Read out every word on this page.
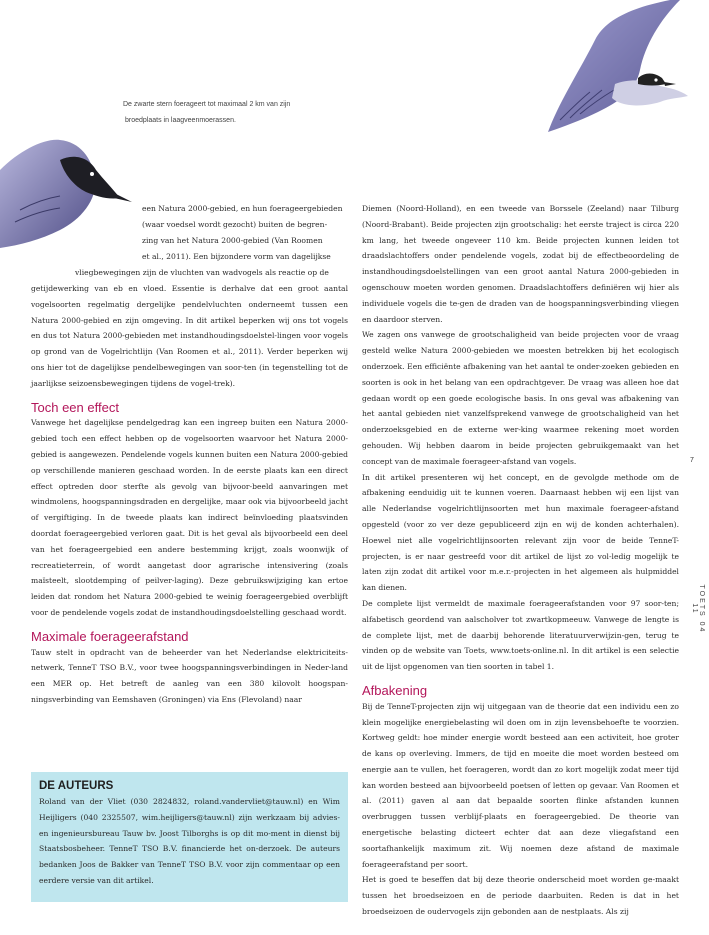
De zwarte stern foerageert tot maximaal 2 km van zijn
broedplaats in laagveenmoerassen.
een Natura 2000-gebied, en hun foerageergebieden
(waar voedsel wordt gezocht) buiten de begren-
zing van het Natura 2000-gebied (Van Roomen
et al., 2011). Een bijzondere vorm van dagelijkse
vliegbewegingen zijn de vluchten van wadvogels als reactie op de

getijdewerking van eb en vloed. Essentie is derhalve dat een groot aantal vogelsoorten regelmatig dergelijke pendelvluchten onderneemt tussen een Natura 2000-gebied en zijn omgeving. In dit artikel beperken wij ons tot vogels en dus tot Natura 2000-gebieden met instandhoudingsdoelstel-lingen voor vogels op grond van de Vogelrichtlijn (Van Roomen et al., 2011). Verder beperken wij ons hier tot de dagelijkse pendelbewegingen van soor-ten (in tegenstelling tot de jaarlijkse seizoensbewegingen tijdens de vogel-trek).

Toch een effect

Vanwege het dagelijkse pendelgedrag kan een ingreep buiten een Natura 2000-gebied toch een effect hebben op de vogelsoorten waarvoor het Natura 2000-gebied is aangewezen. Pendelende vogels kunnen buiten een Natura 2000-gebied op verschillende manieren geschaad worden. In de eerste plaats kan een direct effect optreden door sterfte als gevolg van bijvoor-beeld aanvaringen met windmolens, hoogspanningsdraden en dergelijke, maar ook via bijvoorbeeld jacht of vergiftiging. In de tweede plaats kan indirect beïnvloeding plaatsvinden doordat foerageergebied verloren gaat. Dit is het geval als bijvoorbeeld een deel van het foerageergebied een andere bestemming krijgt, zoals woonwijk of recreatieterrein, of wordt aangetast door agrarische intensivering (zoals maïsteelt, slootdemping of peilver-laging). Deze gebruikswijziging kan ertoe leiden dat rondom het Natura 2000-gebied te weinig foerageergebied overblijft voor de pendelende vogels zodat de instandhoudingsdoelstelling geschaad wordt.

Maximale foerageerafstand

Tauw stelt in opdracht van de beheerder van het Nederlandse elektriciteits-netwerk, TenneT TSO B.V., voor twee hoogspanningsverbindingen in Neder-land een MER op. Het betreft de aanleg van een 380 kilovolt hoogspan-ningsverbinding van Eemshaven (Groningen) via Ens (Flevoland) naar

DE AUTEURS

Roland van der Vliet (030 2824832, roland.vandervliet@tauw.nl) en Wim Heijligers (040 2325507, wim.heijligers@tauw.nl) zijn werkzaam bij advies- en ingenieursbureau Tauw bv. Joost Tilborghs is op dit mo-ment in dienst bij Staatsbosbeheer. TenneT TSO B.V. financierde het on-derzoek. De auteurs bedanken Joos de Bakker van TenneT TSO B.V. voor zijn commentaar op een eerdere versie van dit artikel.

Diemen (Noord-Holland), en een tweede van Borssele (Zeeland) naar Tilburg (Noord-Brabant). Beide projecten zijn grootschalig: het eerste traject is circa 220 km lang, het tweede ongeveer 110 km. Beide projecten kunnen leiden tot draadslachtoffers onder pendelende vogels, zodat bij de effectbeoordeling de instandhoudingsdoelstellingen van een groot aantal Natura 2000-gebieden in ogenschouw moeten worden genomen. Draadslachtoffers definiëren wij hier als individuele vogels die te-gen de draden van de hoogspanningsverbinding vliegen en daardoor sterven.

We zagen ons vanwege de grootschaligheid van beide projecten voor de vraag gesteld welke Natura 2000-gebieden we moesten betrekken bij het ecologisch onderzoek. Een efficiënte afbakening van het aantal te onder-zoeken gebieden en soorten is ook in het belang van een opdrachtgever. De vraag was alleen hoe dat gedaan wordt op een goede ecologische basis. In ons geval was afbakening van het aantal gebieden niet vanzelfsprekend vanwege de grootschaligheid van het onderzoeksgebied en de externe wer-king waarmee rekening moet worden gehouden. Wij hebben daarom in beide projecten gebruikgemaakt van het concept van de maximale foerageer-afstand van vogels.

In dit artikel presenteren wij het concept, en de gevolgde methode om de afbakening eenduidig uit te kunnen voeren. Daarnaast hebben wij een lijst van alle Nederlandse vogelrichtlijnsoorten met hun maximale foerageer-afstand opgesteld (voor zo ver deze gepubliceerd zijn en wij de konden achterhalen). Hoewel niet alle vogelrichtlijnsoorten relevant zijn voor de beide TenneT-projecten, is er naar gestreefd voor dit artikel de lijst zo vol-ledig mogelijk te laten zijn zodat dit artikel voor m.e.r.-projecten in het algemeen als hulpmiddel kan dienen.

De complete lijst vermeldt de maximale foerageerafstanden voor 97 soor-ten; alfabetisch geordend van aalscholver tot zwartkopmeeuw. Vanwege de lengte is de complete lijst, met de daarbij behorende literatuurverwijzin-gen, terug te vinden op de website van Toets, www.toets-online.nl. In dit artikel is een selectie uit de lijst opgenomen van tien soorten in tabel 1.

Afbakening

Bij de TenneT-projecten zijn wij uitgegaan van de theorie dat een individu een zo klein mogelijke energiebelasting wil doen om in zijn levensbehoefte te voorzien. Kortweg geldt: hoe minder energie wordt besteed aan een activiteit, hoe groter de kans op overleving. Immers, de tijd en moeite die moet worden besteed om energie aan te vullen, het foerageren, wordt dan zo kort mogelijk zodat meer tijd kan worden besteed aan bijvoorbeeld poetsen of letten op gevaar. Van Roomen et al. (2011) gaven al aan dat bepaalde soorten flinke afstanden kunnen overbruggen tussen verblijf-plaats en foerageergebied. De theorie van energetische belasting dicteert echter dat aan deze vliegafstand een soortafhankelijk maximum zit. Wij noemen deze afstand de maximale foerageerafstand per soort.

Het is goed te beseffen dat bij deze theorie onderscheid moet worden ge-maakt tussen het broedseizoen en de periode daarbuiten. Reden is dat in het broedseizoen de oudervogels zijn gebonden aan de nestplaats. Als zij

7
TOETS 04 11
